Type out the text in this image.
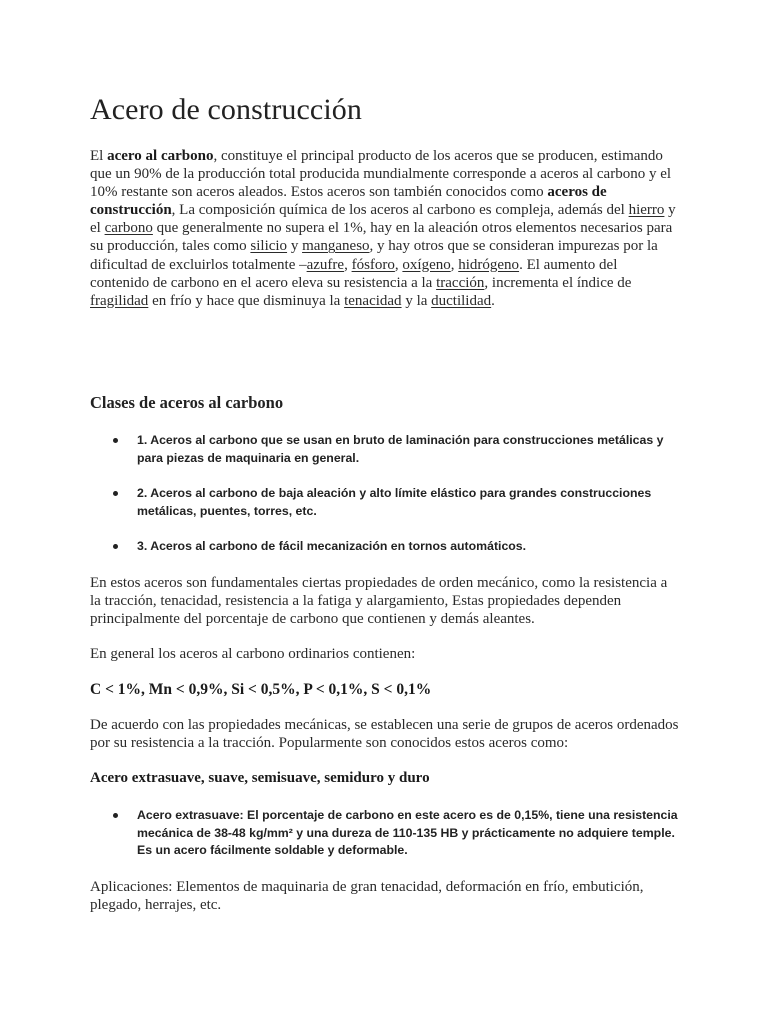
Acero de construcción

El acero al carbono, constituye el principal producto de los aceros que se producen, estimando que un 90% de la producción total producida mundialmente corresponde a aceros al carbono y el 10% restante son aceros aleados. Estos aceros son también conocidos como aceros de construcción, La composición química de los aceros al carbono es compleja, además del hierro y el carbono que generalmente no supera el 1%, hay en la aleación otros elementos necesarios para su producción, tales como silicio y manganeso, y hay otros que se consideran impurezas por la dificultad de excluirlos totalmente –azufre, fósforo, oxígeno, hidrógeno. El aumento del contenido de carbono en el acero eleva su resistencia a la tracción, incrementa el índice de fragilidad en frío y hace que disminuya la tenacidad y la ductilidad.

Clases de aceros al carbono
1. Aceros al carbono que se usan en bruto de laminación para construcciones metálicas y para piezas de maquinaria en general.
2. Aceros al carbono de baja aleación y alto límite elástico para grandes construcciones metálicas, puentes, torres, etc.
3. Aceros al carbono de fácil mecanización en tornos automáticos.

En estos aceros son fundamentales ciertas propiedades de orden mecánico, como la resistencia a la tracción, tenacidad, resistencia a la fatiga y alargamiento, Estas propiedades dependen principalmente del porcentaje de carbono que contienen y demás aleantes.

En general los aceros al carbono ordinarios contienen:

C < 1%, Mn < 0,9%, Si < 0,5%, P < 0,1%, S < 0,1%

De acuerdo con las propiedades mecánicas, se establecen una serie de grupos de aceros ordenados por su resistencia a la tracción. Popularmente son conocidos estos aceros como:

Acero extrasuave, suave, semisuave, semiduro y duro

Acero extrasuave: El porcentaje de carbono en este acero es de 0,15%, tiene una resistencia mecánica de 38-48 kg/mm² y una dureza de 110-135 HB y prácticamente no adquiere temple. Es un acero fácilmente soldable y deformable.

Aplicaciones: Elementos de maquinaria de gran tenacidad, deformación en frío, embutición, plegado, herrajes, etc.
